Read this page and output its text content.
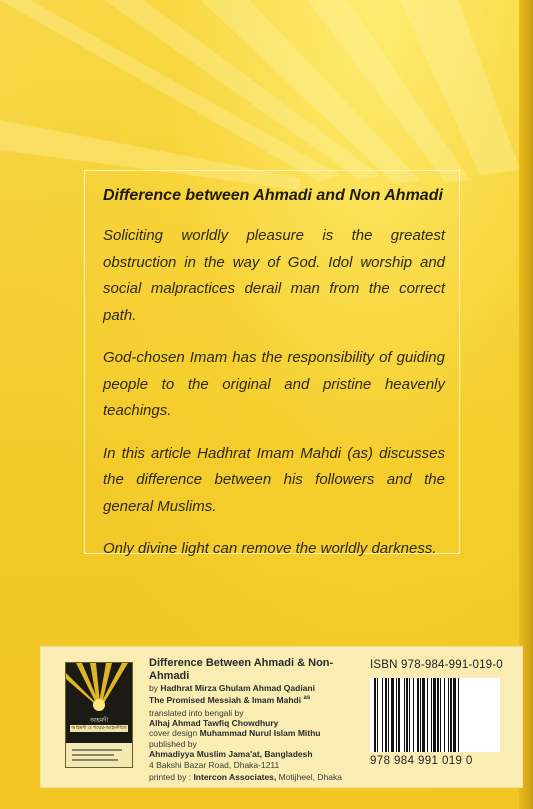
Difference between Ahmadi and Non Ahmadi

Soliciting worldly pleasure is the greatest obstruction in the way of God. Idol worship and social malpractices derail man from the correct path.

God-chosen Imam has the responsibility of guiding people to the original and pristine heavenly teachings.

In this article Hadhrat Imam Mahdi (as) discusses the difference between his followers and the general Muslims.

Only divine light can remove the worldly darkness.

আহমদী
আহমদী ও গয়ের-আহমদীতে পার্থক্য
Difference Between Ahmadi & Non-Ahmadi
by Hadhrat Mirza Ghulam Ahmad Qadiani
The Promised Messiah & Imam Mahdi $^{as}$
translated into bengali by
Alhaj Ahmad Tawfiq Chowdhury
cover design Muhammad Nurul Islam Mithu
published by
Ahmadiyya Muslim Jama'at, Bangladesh
4 Bakshi Bazar Road, Dhaka-1211
printed by : Intercon Associates, Motijheel, Dhaka
ISBN 978-984-991-019-0
978 984 991 019 0
